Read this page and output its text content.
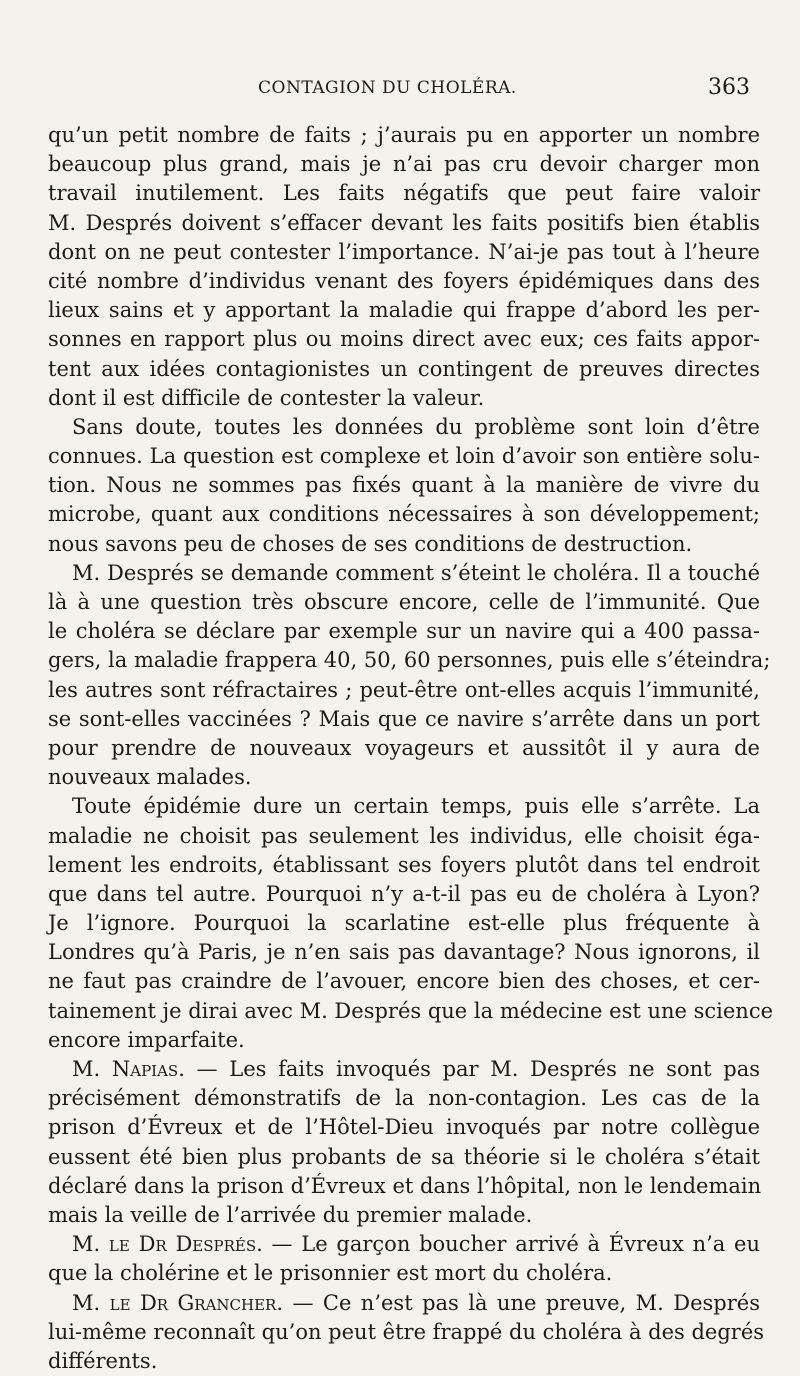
CONTAGION DU CHOLÉRA.	363
qu’un petit nombre de faits ; j’aurais pu en apporter un nombre
beaucoup plus grand, mais je n’ai pas cru devoir charger mon
travail inutilement. Les faits négatifs que peut faire valoir
M. Després doivent s’effacer devant les faits positifs bien établis
dont on ne peut contester l’importance. N’ai-je pas tout à l’heure
cité nombre d’individus venant des foyers épidémiques dans des
lieux sains et y apportant la maladie qui frappe d’abord les per-
sonnes en rapport plus ou moins direct avec eux; ces faits appor-
tent aux idées contagionistes un contingent de preuves directes
dont il est difficile de contester la valeur.
Sans doute, toutes les données du problème sont loin d’être
connues. La question est complexe et loin d’avoir son entière solu-
tion. Nous ne sommes pas fixés quant à la manière de vivre du
microbe, quant aux conditions nécessaires à son développement;
nous savons peu de choses de ses conditions de destruction.
M. Després se demande comment s’éteint le choléra. Il a touché
là à une question très obscure encore, celle de l’immunité. Que
le choléra se déclare par exemple sur un navire qui a 400 passa-
gers, la maladie frappera 40, 50, 60 personnes, puis elle s’éteindra;
les autres sont réfractaires ; peut-être ont-elles acquis l’immunité,
se sont-elles vaccinées ? Mais que ce navire s’arrête dans un port
pour prendre de nouveaux voyageurs et aussitôt il y aura de
nouveaux malades.
Toute épidémie dure un certain temps, puis elle s’arrête. La
maladie ne choisit pas seulement les individus, elle choisit éga-
lement les endroits, établissant ses foyers plutôt dans tel endroit
que dans tel autre. Pourquoi n’y a-t-il pas eu de choléra à Lyon?
Je l’ignore. Pourquoi la scarlatine est-elle plus fréquente à
Londres qu’à Paris, je n’en sais pas davantage? Nous ignorons, il
ne faut pas craindre de l’avouer, encore bien des choses, et cer-
tainement je dirai avec M. Després que la médecine est une science
encore imparfaite.
M. Napias. — Les faits invoqués par M. Després ne sont pas
précisément démonstratifs de la non-contagion. Les cas de la
prison d’Évreux et de l’Hôtel-Dieu invoqués par notre collègue
eussent été bien plus probants de sa théorie si le choléra s’était
déclaré dans la prison d’Évreux et dans l’hôpital, non le lendemain
mais la veille de l’arrivée du premier malade.
M. le Dr Després. — Le garçon boucher arrivé à Évreux n’a eu
que la cholérine et le prisonnier est mort du choléra.
M. le Dr Grancher. — Ce n’est pas là une preuve, M. Després
lui-même reconnaît qu’on peut être frappé du choléra à des degrés
différents.
